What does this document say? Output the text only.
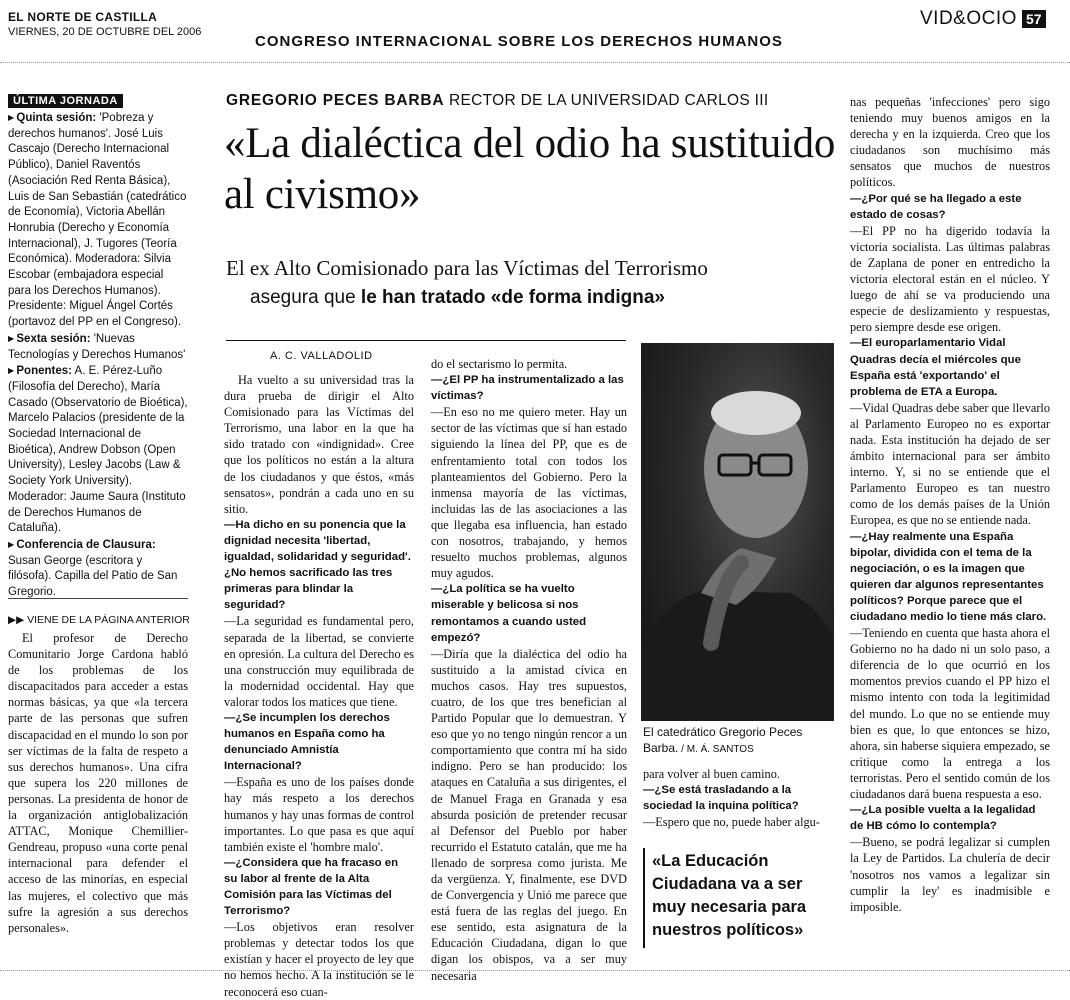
EL NORTE DE CASTILLA
VIERNES, 20 DE OCTUBRE DEL 2006
CONGRESO INTERNACIONAL SOBRE LOS DERECHOS HUMANOS
VID&OCIO 57
ÚLTIMA JORNADA

▶ Quinta sesión: 'Pobreza y derechos humanos'. José Luis Cascajo (Derecho Internacional Público), Daniel Raventós (Asociación Red Renta Básica), Luis de San Sebastián (catedrático de Economía), Victoria Abellán Honrubia (Derecho y Economía Internacional), J. Tugores (Teoría Económica). Moderadora: Silvia Escobar (embajadora especial para los Derechos Humanos). Presidente: Miguel Ángel Cortés (portavoz del PP en el Congreso).

▶ Sexta sesión: 'Nuevas Tecnologías y Derechos Humanos'

▶ Ponentes: A. E. Pérez-Luño (Filosofía del Derecho), María Casado (Observatorio de Bioética), Marcelo Palacios (presidente de la Sociedad Internacional de Bioética), Andrew Dobson (Open University), Lesley Jacobs (Law & Society York University). Moderador: Jaume Saura (Instituto de Derechos Humanos de Cataluña).

▶ Conferencia de Clausura: Susan George (escritora y filósofa). Capilla del Patio de San Gregorio.

▶▶ VIENE DE LA PÁGINA ANTERIOR

El profesor de Derecho Comunitario Jorge Cardona habló de los problemas de los discapacitados para acceder a estas normas básicas, ya que «la tercera parte de las personas que sufren discapacidad en el mundo lo son por ser víctimas de la falta de respeto a sus derechos humanos». Una cifra que supera los 220 millones de personas. La presidenta de honor de la organización antiglobalización ATTAC, Monique Chemillier-Gendreau, propuso «una corte penal internacional para defender el acceso de las minorías, en especial las mujeres, el colectivo que más sufre la agresión a sus derechos personales».

GREGORIO PECES BARBA RECTOR DE LA UNIVERSIDAD CARLOS III
«La dialéctica del odio ha sustituido al civismo»
El ex Alto Comisionado para las Víctimas del Terrorismo
asegura que le han tratado «de forma indigna»
A. C. VALLADOLID

Ha vuelto a su universidad tras la dura prueba de dirigir el Alto Comisionado para las Víctimas del Terrorismo, una labor en la que ha sido tratado con «indignidad». Cree que los políticos no están a la altura de los ciudadanos y que éstos, «más sensatos», pondrán a cada uno en su sitio.

—Ha dicho en su ponencia que la dignidad necesita 'libertad, igualdad, solidaridad y seguridad'. ¿No hemos sacrificado las tres primeras para blindar la seguridad?

—La seguridad es fundamental pero, separada de la libertad, se convierte en opresión. La cultura del Derecho es una construcción muy equilibrada de la modernidad occidental. Hay que valorar todos los matices que tiene.

—¿Se incumplen los derechos humanos en España como ha denunciado Amnistía Internacional?

—España es uno de los países donde hay más respeto a los derechos humanos y hay unas formas de control importantes. Lo que pasa es que aquí también existe el 'hombre malo'.

—¿Considera que ha fracaso en su labor al frente de la Alta Comisión para las Víctimas del Terrorismo?

—Los objetivos eran resolver problemas y detectar todos los que existían y hacer el proyecto de ley que no hemos hecho. A la institución se le reconocerá eso cuan-

do el sectarismo lo permita.

—¿El PP ha instrumentalizado a las víctimas?

—En eso no me quiero meter. Hay un sector de las víctimas que sí han estado siguiendo la línea del PP, que es de enfrentamiento total con todos los planteamientos del Gobierno. Pero la inmensa mayoría de las víctimas, incluidas las de las asociaciones a las que llegaba esa influencia, han estado con nosotros, trabajando, y hemos resuelto muchos problemas, algunos muy agudos.

—¿La política se ha vuelto miserable y belicosa si nos remontamos a cuando usted empezó?

—Diría que la dialéctica del odio ha sustituido a la amistad cívica en muchos casos. Hay tres supuestos, cuatro, de los que tres benefician al Partido Popular que lo demuestran. Y eso que yo no tengo ningún rencor a un comportamiento que contra mí ha sido indigno. Pero se han producido: los ataques en Cataluña a sus dirigentes, el de Manuel Fraga en Granada y esa absurda posición de pretender recusar al Defensor del Pueblo por haber recurrido el Estatuto catalán, que me ha llenado de sorpresa como jurista. Me da vergüenza. Y, finalmente, ese DVD de Convergencia y Unió me parece que está fuera de las reglas del juego. En ese sentido, esta asignatura de la Educación Ciudadana, digan lo que digan los obispos, va a ser muy necesaria

El catedrático Gregorio Peces Barba. / M. Á. SANTOS

para volver al buen camino.

—¿Se está trasladando a la sociedad la inquina política?

—Espero que no, puede haber algu-

«La Educación Ciudadana va a ser muy necesaria para nuestros políticos»

nas pequeñas 'infecciones' pero sigo teniendo muy buenos amigos en la derecha y en la izquierda. Creo que los ciudadanos son muchísimo más sensatos que muchos de nuestros políticos.

—¿Por qué se ha llegado a este estado de cosas?

—El PP no ha digerido todavía la victoria socialista. Las últimas palabras de Zaplana de poner en entredicho la victoria electoral están en el núcleo. Y luego de ahí se va produciendo una especie de deslizamiento y respuestas, pero siempre desde ese origen.

—El europarlamentario Vidal Quadras decía el miércoles que España está 'exportando' el problema de ETA a Europa.

—Vidal Quadras debe saber que llevarlo al Parlamento Europeo no es exportar nada. Esta institución ha dejado de ser ámbito internacional para ser ámbito interno. Y, si no se entiende que el Parlamento Europeo es tan nuestro como de los demás países de la Unión Europea, es que no se entiende nada.

—¿Hay realmente una España bipolar, dividida con el tema de la negociación, o es la imagen que quieren dar algunos representantes políticos? Porque parece que el ciudadano medio lo tiene más claro.

—Teniendo en cuenta que hasta ahora el Gobierno no ha dado ni un solo paso, a diferencia de lo que ocurrió en los momentos previos cuando el PP hizo el mismo intento con toda la legitimidad del mundo. Lo que no se entiende muy bien es que, lo que entonces se hizo, ahora, sin haberse siquiera empezado, se critique como la entrega a los terroristas. Pero el sentido común de los ciudadanos dará buena respuesta a eso.

—¿La posible vuelta a la legalidad de HB cómo lo contempla?

—Bueno, se podrá legalizar si cumplen la Ley de Partidos. La chulería de decir 'nosotros nos vamos a legalizar sin cumplir la ley' es inadmisible e imposible.
